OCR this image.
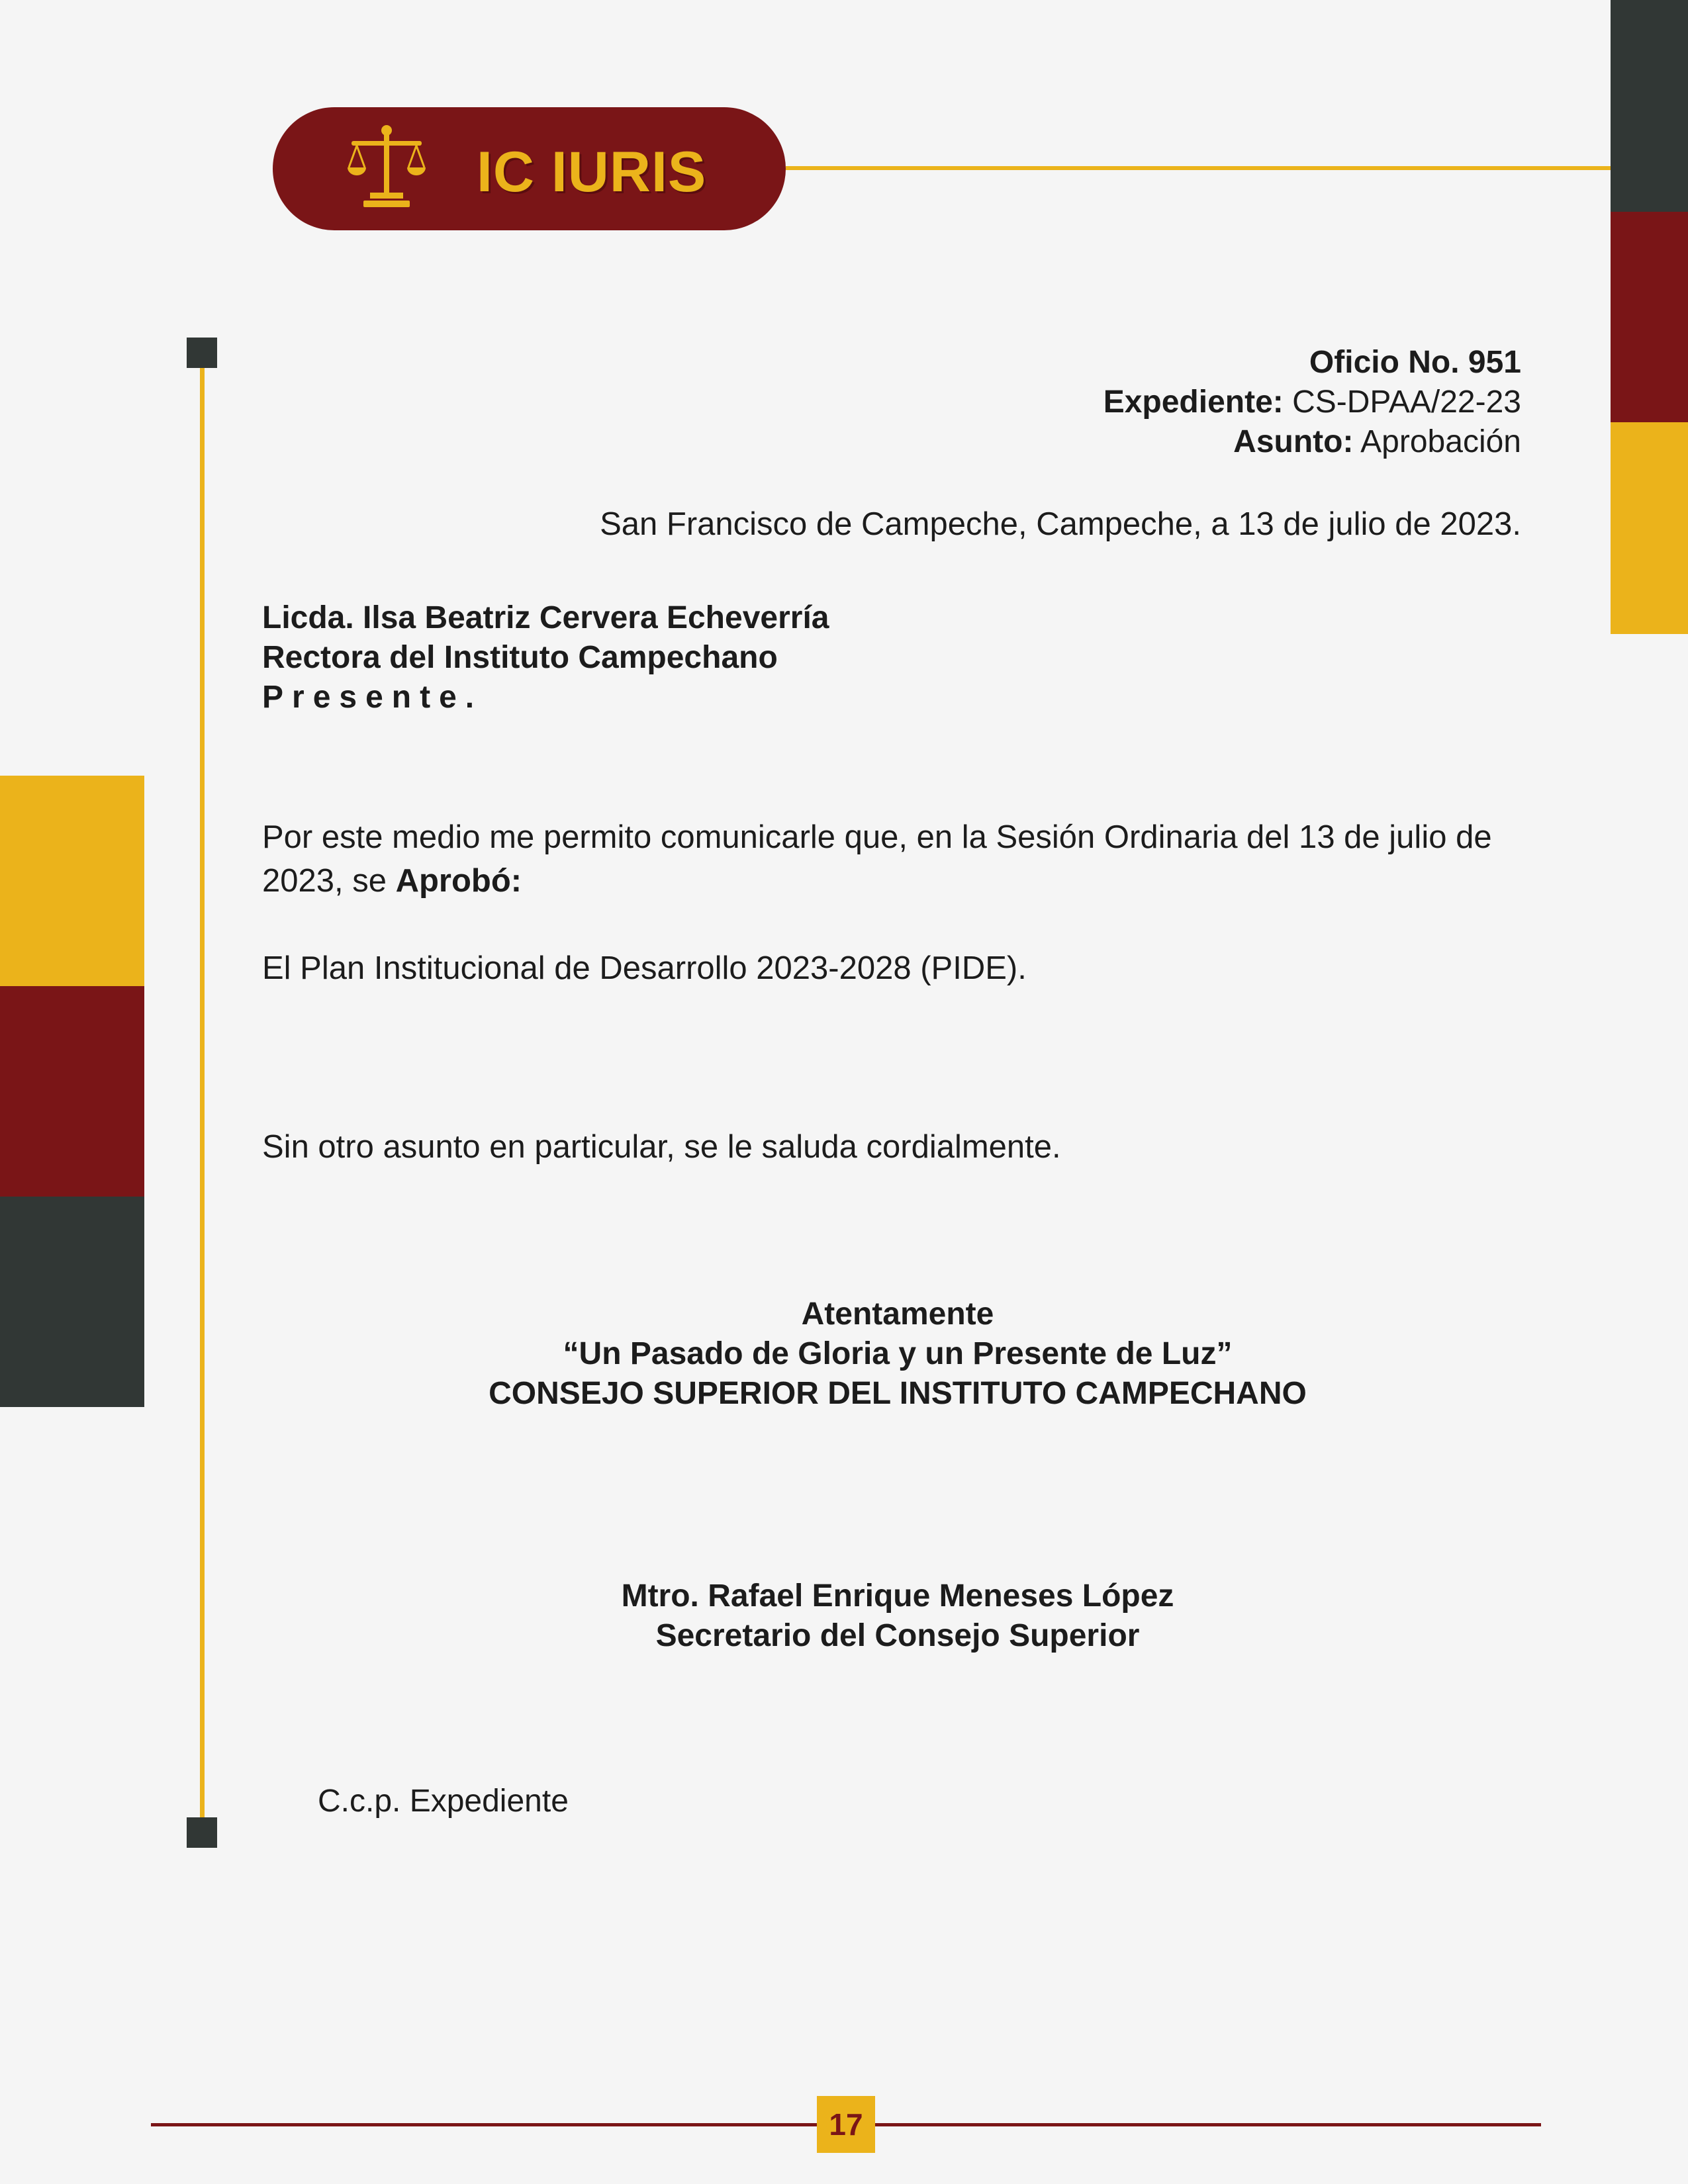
IC IURIS
Oficio No. 951
Expediente: CS-DPAA/22-23
Asunto: Aprobación
San Francisco de Campeche, Campeche, a 13 de julio de 2023.
Licda. Ilsa Beatriz Cervera Echeverría
Rectora del Instituto Campechano
Presente.
Por este medio me permito comunicarle que, en la Sesión Ordinaria del 13 de julio de 2023, se Aprobó:
El Plan Institucional de Desarrollo 2023-2028 (PIDE).
Sin otro asunto en particular, se le saluda cordialmente.
Atentamente
“Un Pasado de Gloria y un Presente de Luz”
CONSEJO SUPERIOR DEL INSTITUTO CAMPECHANO
Mtro. Rafael Enrique Meneses López
Secretario del Consejo Superior
C.c.p. Expediente
17
